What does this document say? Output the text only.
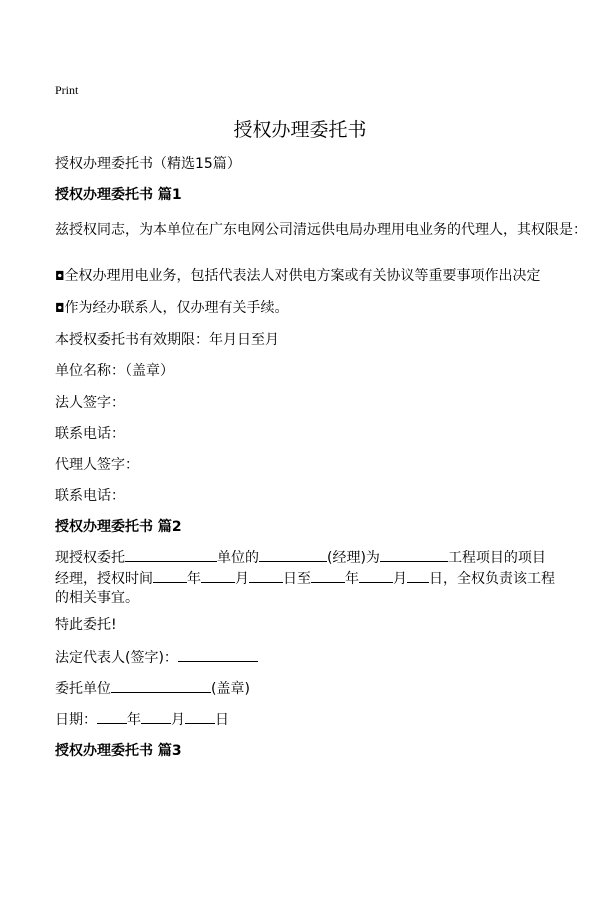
Print
授权办理委托书
授权办理委托书（精选15篇）
授权办理委托书 篇1
兹授权同志，为本单位在广东电网公司清远供电局办理用电业务的代理人，其权限是：
◘全权办理用电业务，包括代表法人对供电方案或有关协议等重要事项作出决定
◘作为经办联系人，仅办理有关手续。
本授权委托书有效期限：年月日至月
单位名称：（盖章）
法人签字：
联系电话：
代理人签字：
联系电话：
授权办理委托书 篇2
现授权委托	单位的	(经理)为	工程项目的项目经理，授权时间 年 月 日至 年 月 日，全权负责该工程的相关事宜。
特此委托!
法定代表人(签字)：
委托单位	(盖章)
日期： 年 月 日
授权办理委托书 篇3
